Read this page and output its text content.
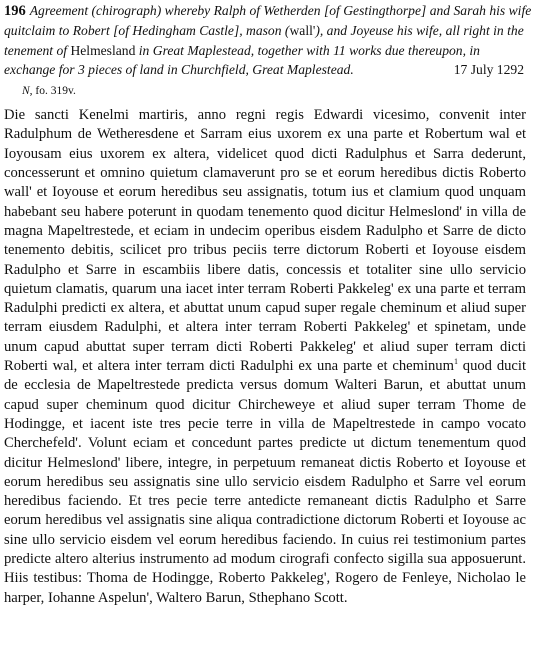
196 Agreement (chirograph) whereby Ralph of Wetherden [of Gestingthorpe] and Sarah his wife quitclaim to Robert [of Hedingham Castle], mason (wall'), and Joyeuse his wife, all right in the tenement of Helmesland in Great Maplestead, together with 11 works due thereupon, in exchange for 3 pieces of land in Churchfield, Great Maplestead.	17 July 1292
N, fo. 319v.
Die sancti Kenelmi martiris, anno regni regis Edwardi vicesimo, convenit inter Radulphum de Wetheresdene et Sarram eius uxorem ex una parte et Robertum wal et Ioyousam eius uxorem ex altera, videlicet quod dicti Radulphus et Sarra dederunt, concesserunt et omnino quietum clamaverunt pro se et eorum heredibus dictis Roberto wall' et Ioyouse et eorum heredibus seu assignatis, totum ius et clamium quod unquam habebant seu habere poterunt in quodam tenemento quod dicitur Helmeslond' in villa de magna Mapeltrestede, et eciam in undecim operibus eisdem Radulpho et Sarre de dicto tenemento debitis, scilicet pro tribus peciis terre dictorum Roberti et Ioyouse eisdem Radulpho et Sarre in escambiis libere datis, concessis et totaliter sine ullo servicio quietum clamatis, quarum una iacet inter terram Roberti Pakkeleg' ex una parte et terram Radulphi predicti ex altera, et abuttat unum capud super regale cheminum et aliud super terram eiusdem Radulphi, et altera inter terram Roberti Pakkeleg' et spinetam, unde unum capud abuttat super terram dicti Roberti Pakkeleg' et aliud super terram dicti Roberti wal, et altera inter terram dicti Radulphi ex una parte et cheminum$^1$ quod ducit de ecclesia de Mapeltrestede predicta versus domum Walteri Barun, et abuttat unum capud super cheminum quod dicitur Chircheweye et aliud super terram Thome de Hodingge, et iacent iste tres pecie terre in villa de Mapeltrestede in campo vocato Cherchefeld'. Volunt eciam et concedunt partes predicte ut dictum tenementum quod dicitur Helmeslond' libere, integre, in perpetuum remaneat dictis Roberto et Ioyouse et eorum heredibus seu assignatis sine ullo servicio eisdem Radulpho et Sarre vel eorum heredibus faciendo. Et tres pecie terre antedicte remaneant dictis Radulpho et Sarre eorum heredibus vel assignatis sine aliqua contradictione dictorum Roberti et Ioyouse ac sine ullo servicio eisdem vel eorum heredibus faciendo. In cuius rei testimonium partes predicte altero alterius instrumento ad modum cirografi confecto sigilla sua apposuerunt. Hiis testibus: Thoma de Hodingge, Roberto Pakkeleg', Rogero de Fenleye, Nicholao le harper, Iohanne Aspelun', Waltero Barun, Sthephano Scott.
